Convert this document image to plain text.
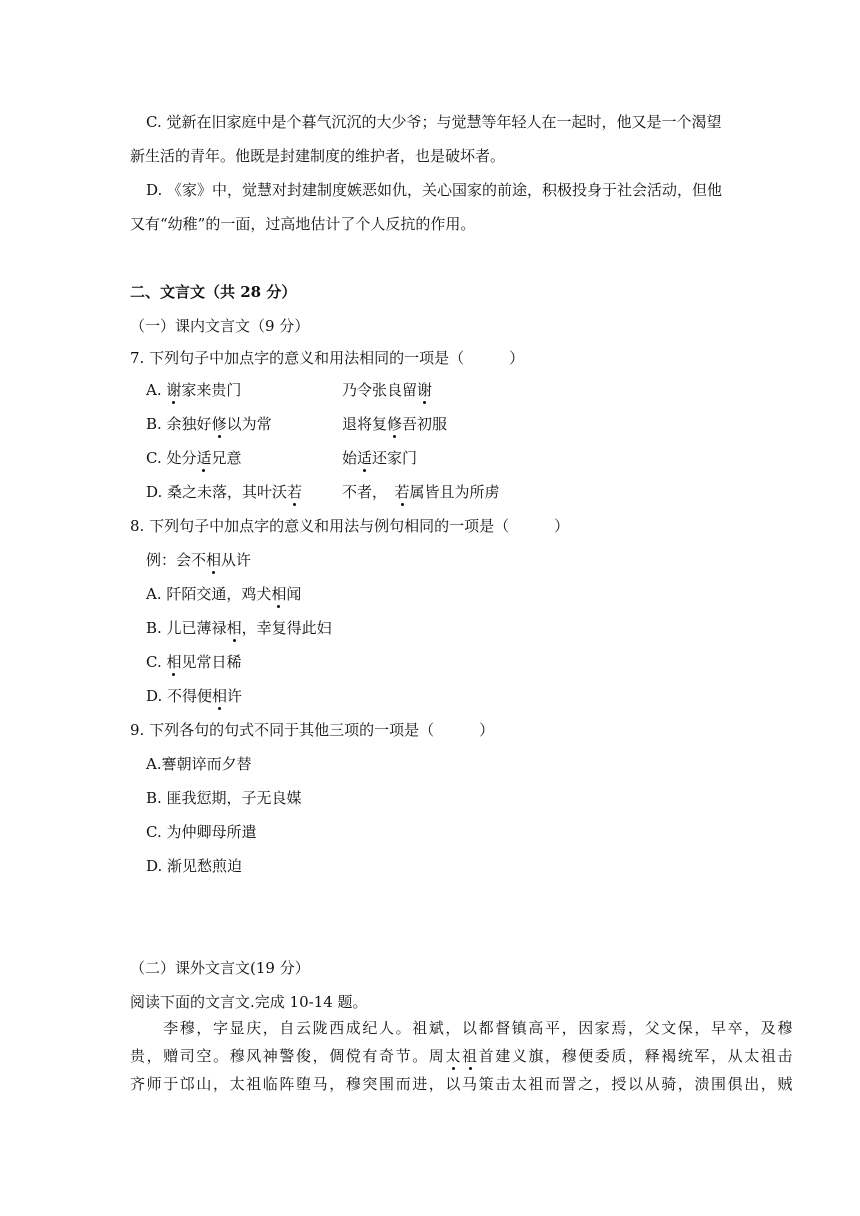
C. 觉新在旧家庭中是个暮气沉沉的大少爷；与觉慧等年轻人在一起时，他又是一个渴望
新生活的青年。他既是封建制度的维护者，也是破坏者。
D. 《家》中，觉慧对封建制度嫉恶如仇，关心国家的前途，积极投身于社会活动，但他
又有“幼稚”的一面，过高地估计了个人反抗的作用。
二、文言文（共 28 分）
（一）课内文言文（9 分）
7. 下列句子中加点字的意义和用法相同的一项是（　　　）
A. 谢家来贵门	乃令张良留谢
B. 余独好修以为常	退将复修吾初服
C. 处分适兄意	始适还家门
D. 桑之未落，其叶沃若	不者，　若属皆且为所虏
8. 下列句子中加点字的意义和用法与例句相同的一项是（　　　）
例：会不相从许
A. 阡陌交通，鸡犬相闻
B. 儿已薄禄相，幸复得此妇
C. 相见常日稀
D. 不得便相许
9. 下列各句的句式不同于其他三项的一项是（　　　）
A.謇朝谇而夕替
B. 匪我愆期，子无良媒
C. 为仲卿母所遣
D. 渐见愁煎迫
（二）课外文言文(19 分）
阅读下面的文言文.完成 10-14 题。
　　李穆，字显庆，自云陇西成纪人。祖斌，以都督镇高平，因家焉，父文保，早卒，及穆
贵，赠司空。穆风神警俊，倜傥有奇节。周太祖首建义旗，穆便委质，释褐统军，从太祖击
齐师于邙山，太祖临阵堕马，穆突围而进，以马策击太祖而詈之，授以从骑，溃围俱出，贼
